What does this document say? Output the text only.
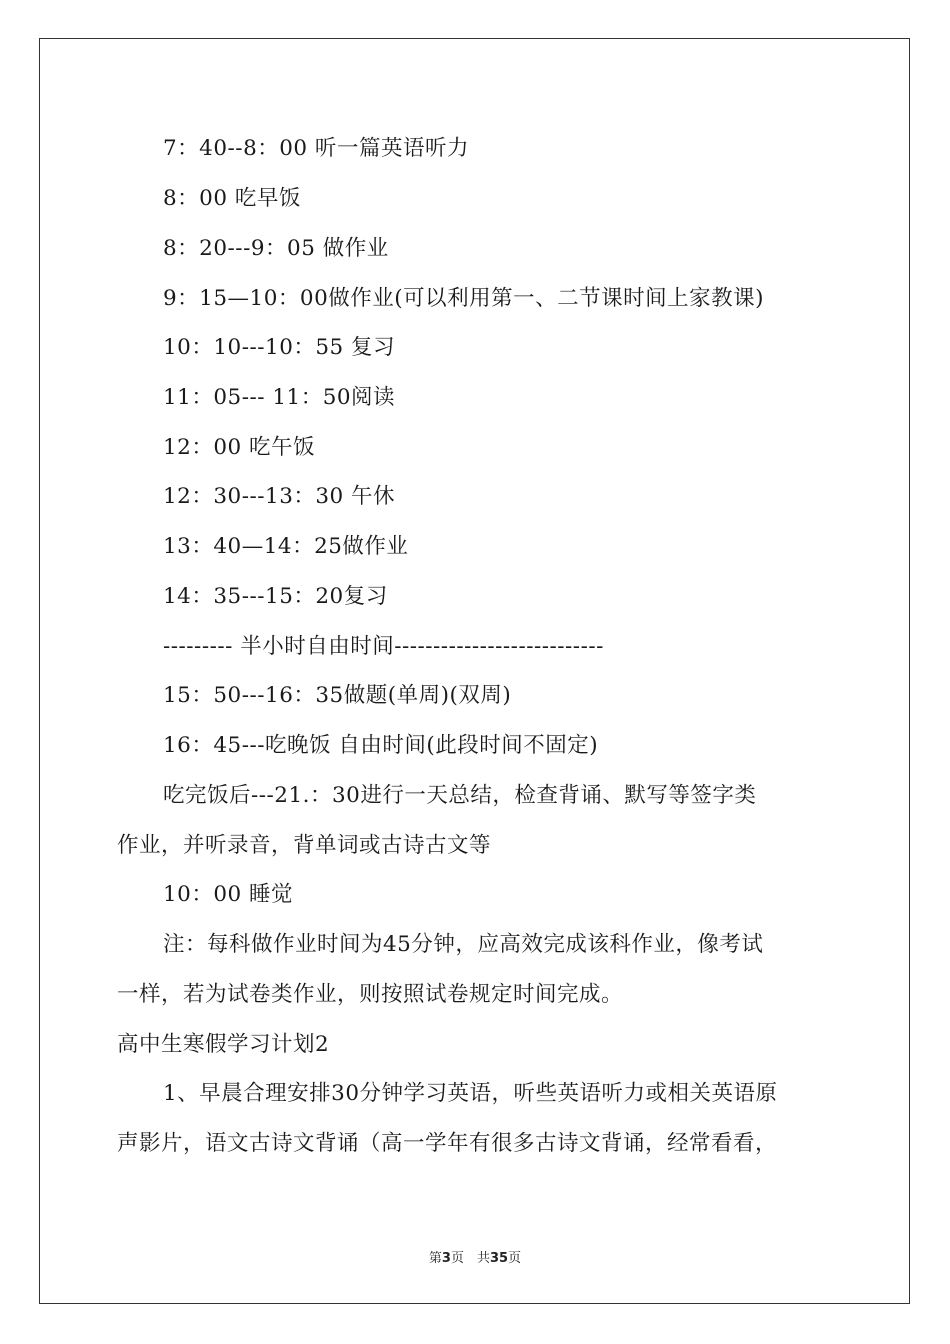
7：40--8：00 听一篇英语听力
8：00 吃早饭
8：20---9：05 做作业
9：15—10：00做作业(可以利用第一、二节课时间上家教课)
10：10---10：55 复习
11：05--- 11：50阅读
12：00 吃午饭
12：30---13：30 午休
13：40—14：25做作业
14：35---15：20复习
--------- 半小时自由时间---------------------------
15：50---16：35做题(单周)(双周)
16：45---吃晚饭 自由时间(此段时间不固定)
吃完饭后---21.：30进行一天总结，检查背诵、默写等签字类
作业，并听录音，背单词或古诗古文等
10：00 睡觉
注：每科做作业时间为45分钟，应高效完成该科作业，像考试
一样，若为试卷类作业，则按照试卷规定时间完成。
高中生寒假学习计划2
1、早晨合理安排30分钟学习英语，听些英语听力或相关英语原
声影片，语文古诗文背诵（高一学年有很多古诗文背诵，经常看看，
第3页　共35页
